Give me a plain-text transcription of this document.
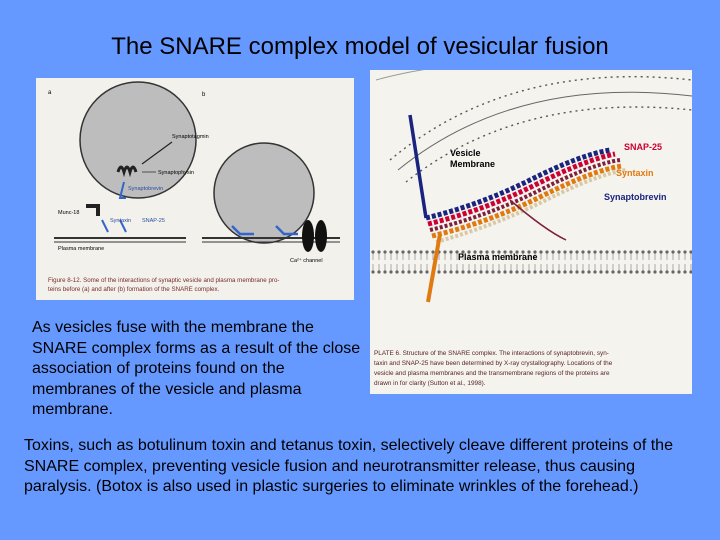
The SNARE complex model of vesicular fusion
a	b
Synaptotagmin
Synaptophysin
Synaptobrevin
Munc-18
Syntaxin SNAP-25
Plasma membrane
Ca²⁺ channel
Figure 8-12. Some of the interactions of synaptic vesicle and plasma membrane pro-
teins before (a) and after (b) formation of the SNARE complex.
Vesicle
Membrane
SNAP-25
Syntaxin
Synaptobrevin
Plasma membrane
PLATE 6. Structure of the SNARE complex. The interactions of synaptobrevin, syn-
taxin and SNAP-25 have been determined by X-ray crystallography. Locations of the
vesicle and plasma membranes and the transmembrane regions of the proteins are
drawn in for clarity (Sutton et al., 1998).
As vesicles fuse with the membrane the SNARE complex forms as a result of the close association of proteins found on the membranes of the vesicle and plasma membrane.
Toxins, such as botulinum toxin and tetanus toxin, selectively cleave different proteins of the SNARE complex, preventing vesicle fusion and neurotransmitter release, thus causing paralysis. (Botox is also used in plastic surgeries to eliminate wrinkles of the forehead.)
